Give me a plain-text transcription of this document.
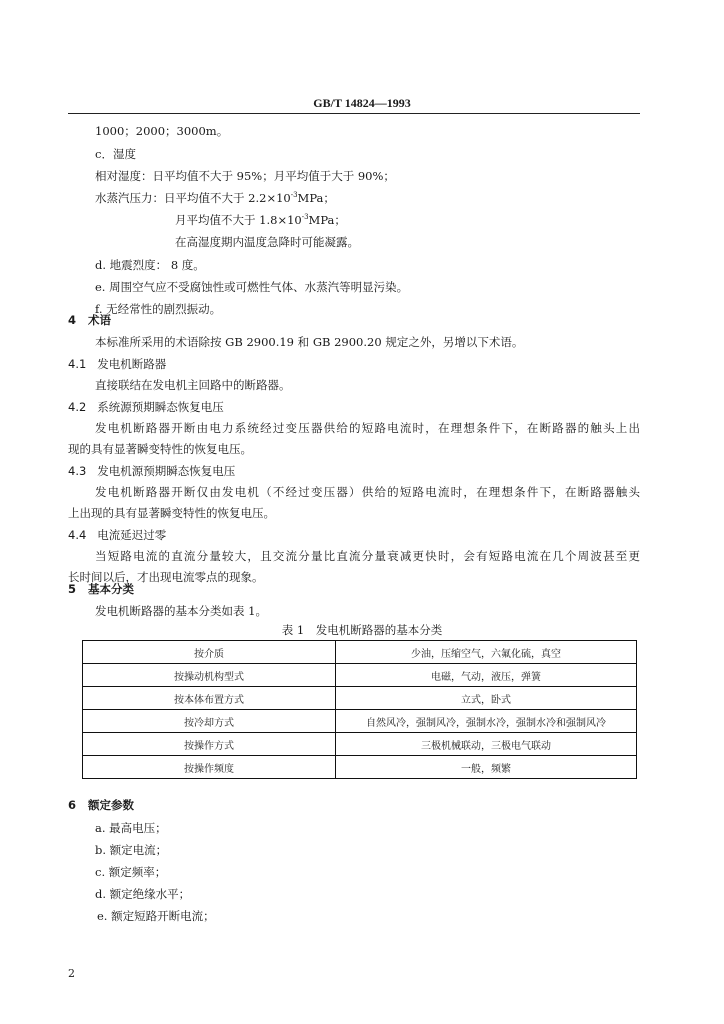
GB/T 14824—1993
1000；2000；3000m。
c．湿度
相对湿度：日平均值不大于 95%；月平均值于大于 90%；
水蒸汽压力：日平均值不大于 $2.2\times 10^{-3}MPa$；
月平均值不大于 $1.8\times 10^{-3}MPa$；
在高湿度期内温度急降时可能凝露。
d. 地震烈度： 8 度。
e. 周围空气应不受腐蚀性或可燃性气体、水蒸汽等明显污染。
f. 无经常性的剧烈振动。
4 术语
本标准所采用的术语除按 GB 2900.19 和 GB 2900.20 规定之外，另增以下术语。
4.1 发电机断路器
直接联结在发电机主回路中的断路器。
4.2 系统源预期瞬态恢复电压
发电机断路器开断由电力系统经过变压器供给的短路电流时，在理想条件下，在断路器的触头上出
现的具有显著瞬变特性的恢复电压。
4.3 发电机源预期瞬态恢复电压
发电机断路器开断仅由发电机（不经过变压器）供给的短路电流时，在理想条件下，在断路器触头
上出现的具有显著瞬变特性的恢复电压。
4.4 电流延迟过零
当短路电流的直流分量较大，且交流分量比直流分量衰减更快时，会有短路电流在几个周波甚至更
长时间以后，才出现电流零点的现象。
5 基本分类
表 1　发电机断路器的基本分类
按介质	少油，压缩空气，六氟化硫，真空
按操动机构型式	电磁，气动，液压，弹簧
按本体布置方式	立式，卧式
按冷却方式	自然风冷，强制风冷，强制水冷，强制水冷和强制风冷
按操作方式	三极机械联动，三极电气联动
按操作频度	一般，频繁
6 额定参数
a. 最高电压；
b. 额定电流；
c. 额定频率；
d. 额定绝缘水平；
e. 额定短路开断电流；
2
发电机断路器的基本分类如表 1。
